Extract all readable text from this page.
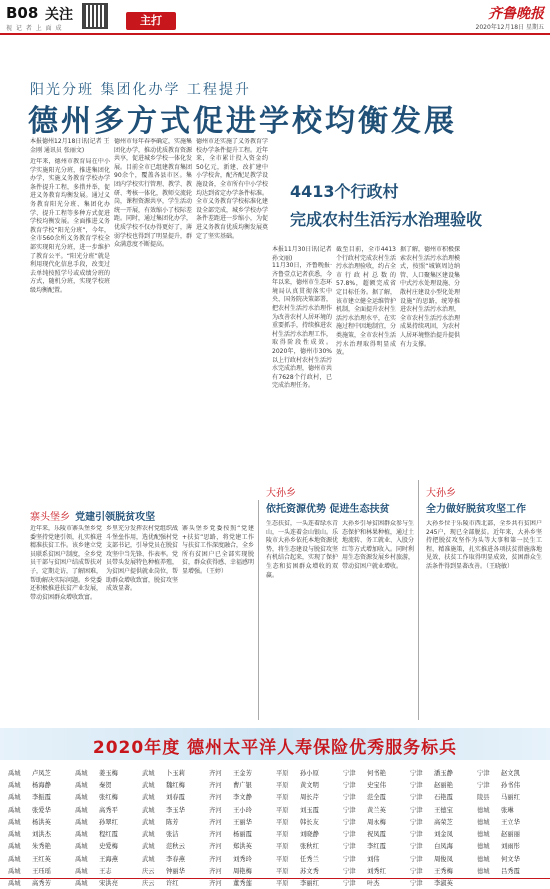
B08 关注
视 记 者 上 面 成
主打	齐鲁晚报
2020年12月18日 星期五
阳光分班 集团化办学 工程提升
德州多方式促进学校均衡发展
本报德州12月18日讯(记者 王金刚 通讯员 张丽文)
近年来，德州市教育局在中小学实施阳光分班，推进集团化办学，实施义务教育学校办学条件提升工程，多措并举，促进义务教育均衡发展。通过义务教育阳光分班、集团化办学、提升工程等多种方式促进学校均衡发展。全面推进义务教育学校“阳光分班”，今年，全市560余所义务教育学校全部实现阳光分班，进一步维护了教育公平。“阳光分班”就是利用现代化信息手段，改变过去单纯按照学号或成绩分班的方式，随机分班，实现学校班级均衡配置。
德州市每年春季确定，实施集团化办学，推动优质教育资源共享，促进城乡学校一体化发展。目前全市已组建教育集团90余个，覆盖各县市区。集团内学校实行管理、教学、教研、考核一体化，教师交流轮岗，课程资源共享，学生活动统一开展，有效缩小了校际差距。同时，通过集团化办学，优质学校不仅办得更好了，薄弱学校也得到了明显提升，群众满意度不断提高。
德州市还实施了义务教育学校办学条件提升工程。近年来，全市累计投入资金约50亿元，新建、改扩建中小学校舍，配齐配足教学设施设备，全市所有中小学校均达到省定办学条件标准。全市义务教育学校标准化建设全部完成，城乡学校办学条件差距进一步缩小，为促进义务教育优质均衡发展奠定了坚实基础。
4413个行政村
完成农村生活污水治理验收
本报11月30日讯(记者 孙文丽)
11月30日，齐鲁晚报·齐鲁壹点记者获悉，今年以来，德州市生态环境局认真贯彻落实中央、国务院决策部署，把农村生活污水治理作为改善农村人居环境的重要抓手，持续推进农村生活污水治理工作，取得阶段性成效。2020年，德州市30%以上行政村农村生活污水完成治理，德州市共有7628个行政村，已完成治理任务。
截至目前，全市4413个行政村完成农村生活污水治理验收，约占全市行政村总数的57.8%，超额完成省定目标任务。据了解，该市建立健全运维管护机制，全面提升农村生活污水治理水平，在实施过程中因地制宜，分类施策，全市农村生活污水治理取得明显成效。
据了解，德州市积极探索农村生活污水治理模式，按照“城镇周边纳管、人口聚集区建设集中式污水处理设施、分散村庄建设小型化处理设施”的思路，统筹推进农村生活污水治理，全市农村生活污水治理成果持续巩固，为农村人居环境整治提升提供有力支撑。
寨头堡乡 党建引领脱贫攻坚
近年来，乐陵市寨头堡乡党委坚持党建引领，扎实推进精准扶贫工作。该乡建立党员联系贫困户制度，全乡党员干部与贫困户结成帮扶对子，定期走访，了解困难，帮助解决实际问题。乡党委还积极推进扶贫产业发展，带动贫困群众增收致富。
乡里充分发挥农村党组织战斗堡垒作用，选优配强村党支部书记，引导党员在脱贫攻坚中当先锋、作表率。党员带头发展特色种植养殖，为贫困户提供就业岗位，帮助群众增收致富，脱贫攻坚成效显著。
寨头堡乡党委按照“党建+扶贫”思路，将党建工作与扶贫工作深度融合，全乡所有贫困户已全部实现脱贫，群众获得感、幸福感明显增强。（王婷）
大孙乡
依托资源优势 促进生态扶贫
生态扶贫，一头连着绿水青山，一头连着金山银山。乐陵市大孙乡依托本地资源优势，将生态建设与脱贫攻坚有机结合起来，实现了保护生态和贫困群众增收的双赢。
大孙乡引导贫困群众参与生态保护和林果种植，通过土地流转、务工就业、入股分红等方式增加收入。同时利用生态资源发展乡村旅游，带动贫困户就业增收。
大孙乡
全力做好脱贫攻坚工作
大孙乡位于乐陵市西北部，全乡共有贫困户245户，现已全部脱贫。近年来，大孙乡坚持把脱贫攻坚作为头等大事和第一民生工程，精准施策，扎实推进各项扶贫措施落地见效，扶贫工作取得明显成效，贫困群众生活条件得到显著改善。（王晓敏）
2020年度 德州太平洋人寿保险优秀服务标兵
禹城	卢凤芝	禹城	姜玉梅	武城	卜玉莉	齐河	王金芳	平原	孙小原	宁津	何书艳	宁津	潘玉静	宁津	赵文凯
禹城	杨海静	禹城	秦贺	武城	魏红梅	齐河	曹广银	平原	黄文明	宁津	史宝伟	宁津	赵丽艳	宁津	孙书伟
禹城	李振霞	禹城	张红梅	武城	刘春霞	齐河	李文静	平原	周长芹	宁津	范全霞	宁津	石艳霞	陵县	马丽红
禹城	张爱华	禹城	高秀平	武城	李玉华	齐河	王小玲	平原	刘玉霞	宁津	黄兰英	宁津	王德宝	德城	张琳
禹城	杨洪英	禹城	孙翠红	武城	陈芳	齐河	王丽华	平原	韩长友	宁津	周永梅	宁津	高荣芝	德城	王立华
禹城	刘洪杰	禹城	程红霞	武城	张洁	齐河	杨丽霞	平原	刘晓静	宁津	祝凤霞	宁津	刘金凤	德城	赵丽丽
禹城	朱秀艳	禹城	史爱梅	武城	范秋云	齐河	郑洪英	平原	张秋红	宁津	李红霞	宁津	白凤海	德城	刘雨彤
禹城	王红英	禹城	王海燕	武城	李春燕	齐河	刘秀玲	平原	任秀兰	宁津	刘伟	宁津	周俊凤	德城	何文华
禹城	王珏瑶	禹城	王志	庆云	钟丽华	齐河	周艳梅	平原	苏文秀	宁津	刘秀红	宁津	王秀梅	德城	吕秀霞
禹城	高秀芳	禹城	宋洪亮	庆云	许红	齐河	董秀莲	平原	李丽红	宁津	叶杰	宁津	李淑英
